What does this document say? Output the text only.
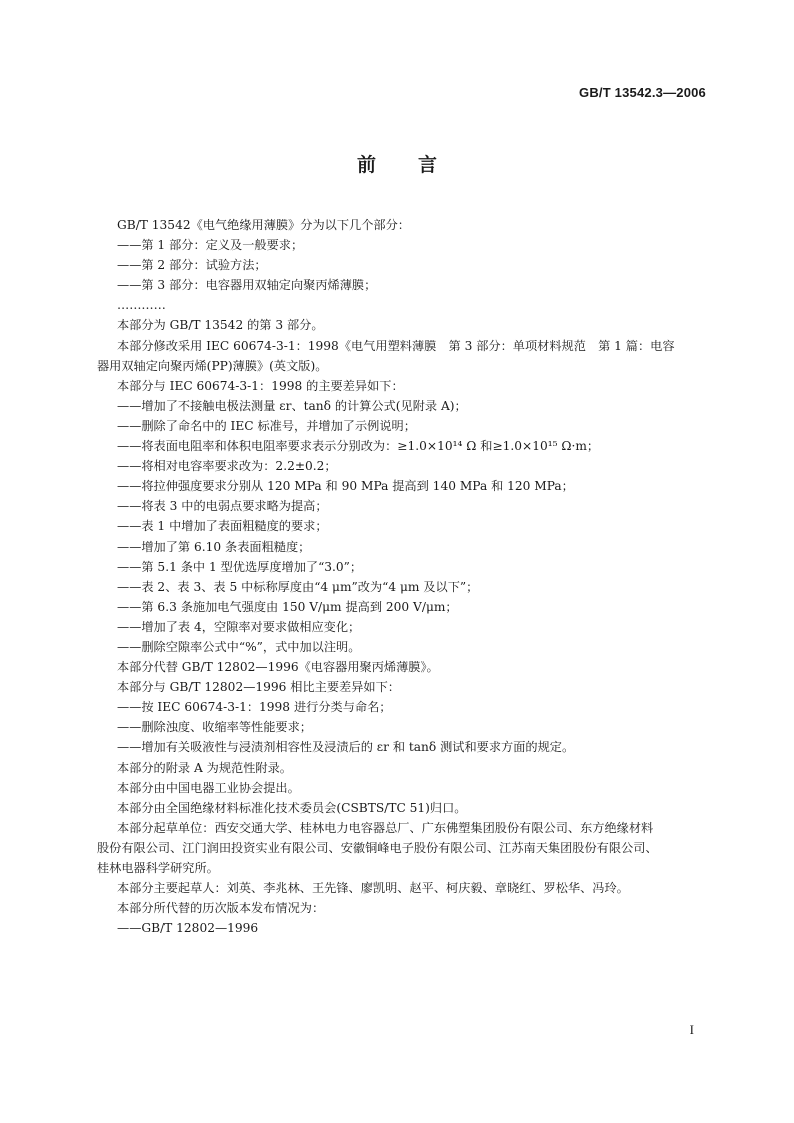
GB/T 13542.3—2006
前 言

GB/T 13542《电气绝缘用薄膜》分为以下几个部分：

——第 1 部分：定义及一般要求；

——第 2 部分：试验方法；

——第 3 部分：电容器用双轴定向聚丙烯薄膜；

…………

本部分为 GB/T 13542 的第 3 部分。

本部分修改采用 IEC 60674-3-1：1998《电气用塑料薄膜　第 3 部分：单项材料规范　第 1 篇：电容

器用双轴定向聚丙烯(PP)薄膜》(英文版)。

本部分与 IEC 60674-3-1：1998 的主要差异如下：

——增加了不接触电极法测量 εr、tanδ 的计算公式(见附录 A)；

——删除了命名中的 IEC 标准号，并增加了示例说明；

——将表面电阻率和体积电阻率要求表示分别改为：≥1.0×10¹⁴ Ω 和≥1.0×10¹⁵ Ω·m；

——将相对电容率要求改为：2.2±0.2；

——将拉伸强度要求分别从 120 MPa 和 90 MPa 提高到 140 MPa 和 120 MPa；

——将表 3 中的电弱点要求略为提高；

——表 1 中增加了表面粗糙度的要求；

——增加了第 6.10 条表面粗糙度；

——第 5.1 条中 1 型优选厚度增加了“3.0”；

——表 2、表 3、表 5 中标称厚度由“4 μm”改为“4 μm 及以下”；

——第 6.3 条施加电气强度由 150 V/μm 提高到 200 V/μm；

——增加了表 4，空隙率对要求做相应变化；

——删除空隙率公式中“%”，式中加以注明。

本部分代替 GB/T 12802—1996《电容器用聚丙烯薄膜》。

本部分与 GB/T 12802—1996 相比主要差异如下：

——按 IEC 60674-3-1：1998 进行分类与命名；

——删除浊度、收缩率等性能要求；

——增加有关吸液性与浸渍剂相容性及浸渍后的 εr 和 tanδ 测试和要求方面的规定。

本部分的附录 A 为规范性附录。

本部分由中国电器工业协会提出。

本部分由全国绝缘材料标准化技术委员会(CSBTS/TC 51)归口。

本部分起草单位：西安交通大学、桂林电力电容器总厂、广东佛塑集团股份有限公司、东方绝缘材料

股份有限公司、江门润田投资实业有限公司、安徽铜峰电子股份有限公司、江苏南天集团股份有限公司、

桂林电器科学研究所。

本部分主要起草人：刘英、李兆林、王先锋、廖凯明、赵平、柯庆毅、章晓红、罗松华、冯玲。

本部分所代替的历次版本发布情况为：

——GB/T 12802—1996

I
